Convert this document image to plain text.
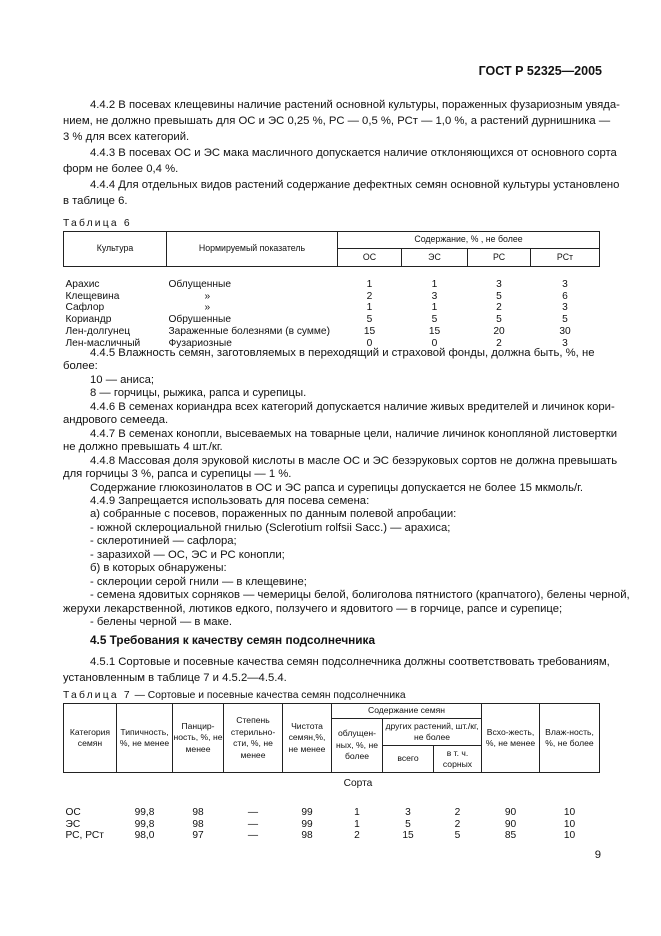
ГОСТ Р 52325—2005
4.4.2 В посевах клещевины наличие растений основной культуры, пораженных фузариозным увяда-
нием, не должно превышать для ОС и ЭС 0,25 %, РС — 0,5 %, РСт — 1,0 %, а растений дурнишника —
3 % для всех категорий.
4.4.3 В посевах ОС и ЭС мака масличного допускается наличие отклоняющихся от основного сорта
форм не более 0,4 %.
4.4.4 Для отдельных видов растений содержание дефектных семян основной культуры установлено
в таблице 6.
Таблица 6
Культура	Нормируемый показатель	Содержание, % , не более			
		ОС	ЭС	РС	РСт

Арахис	Облущенные	1	1	3	3
Клещевина	»	2	3	5	6
Сафлор	»	1	1	2	3
Кориандр	Обрушенные	5	5	5	5
Лен-долгунец	Зараженные болезнями (в сумме)	15	15	20	30
Лен-масличный	Фузариозные	0	0	2	3
4.4.5 Влажность семян, заготовляемых в переходящий и страховой фонды, должна быть, %, не
более:
10 — аниса;
8 — горчицы, рыжика, рапса и сурепицы.
4.4.6 В семенах кориандра всех категорий допускается наличие живых вредителей и личинок кори-
андрового семееда.
4.4.7 В семенах конопли, высеваемых на товарные цели, наличие личинок конопляной листовертки
не должно превышать 4 шт./кг.
4.4.8 Массовая доля эруковой кислоты в масле ОС и ЭС безэруковых сортов не должна превышать
для горчицы 3 %, рапса и сурепицы — 1 %.
Содержание глюкозинолатов в ОС и ЭС рапса и сурепицы допускается не более 15 мкмоль/г.
4.4.9 Запрещается использовать для посева семена:
а) собранные с посевов, пораженных по данным полевой апробации:
- южной склероциальной гнилью (Sclerotium rolfsii Sacc.) — арахиса;
- склеротинией — сафлора;
- заразихой — ОС, ЭС и РС конопли;
б) в которых обнаружены:
- склероции серой гнили — в клещевине;
- семена ядовитых сорняков — чемерицы белой, болиголова пятнистого (крапчатого), белены черной,
жерухи лекарственной, лютиков едкого, ползучего и ядовитого — в горчице, рапсе и сурепице;
- белены черной — в маке.
4.5 Требования к качеству семян подсолнечника
4.5.1 Сортовые и посевные качества семян подсолнечника должны соответствовать требованиям,
установленным в таблице 7 и 4.5.2—4.5.4.
Таблица 7 — Сортовые и посевные качества семян подсолнечника
Категория семян	Типичность, %, не менее	Панцир-ность, %, не менее	Степень стерильно-сти, %, не менее	Чистота семян,%, не менее	Содержание семян			Всхо-жесть, %, не менее	Влаж-ность, %, не более
					облущен-ных, %, не более	других растений, шт./кг, не более			
						всего	в т. ч. сорных		
	Сорта								

ОС	99,8	98	—	99	1	3	2	90	10
ЭС	99,8	98	—	99	1	5	2	90	10
РС, РСт	98,0	97	—	98	2	15	5	85	10
9
